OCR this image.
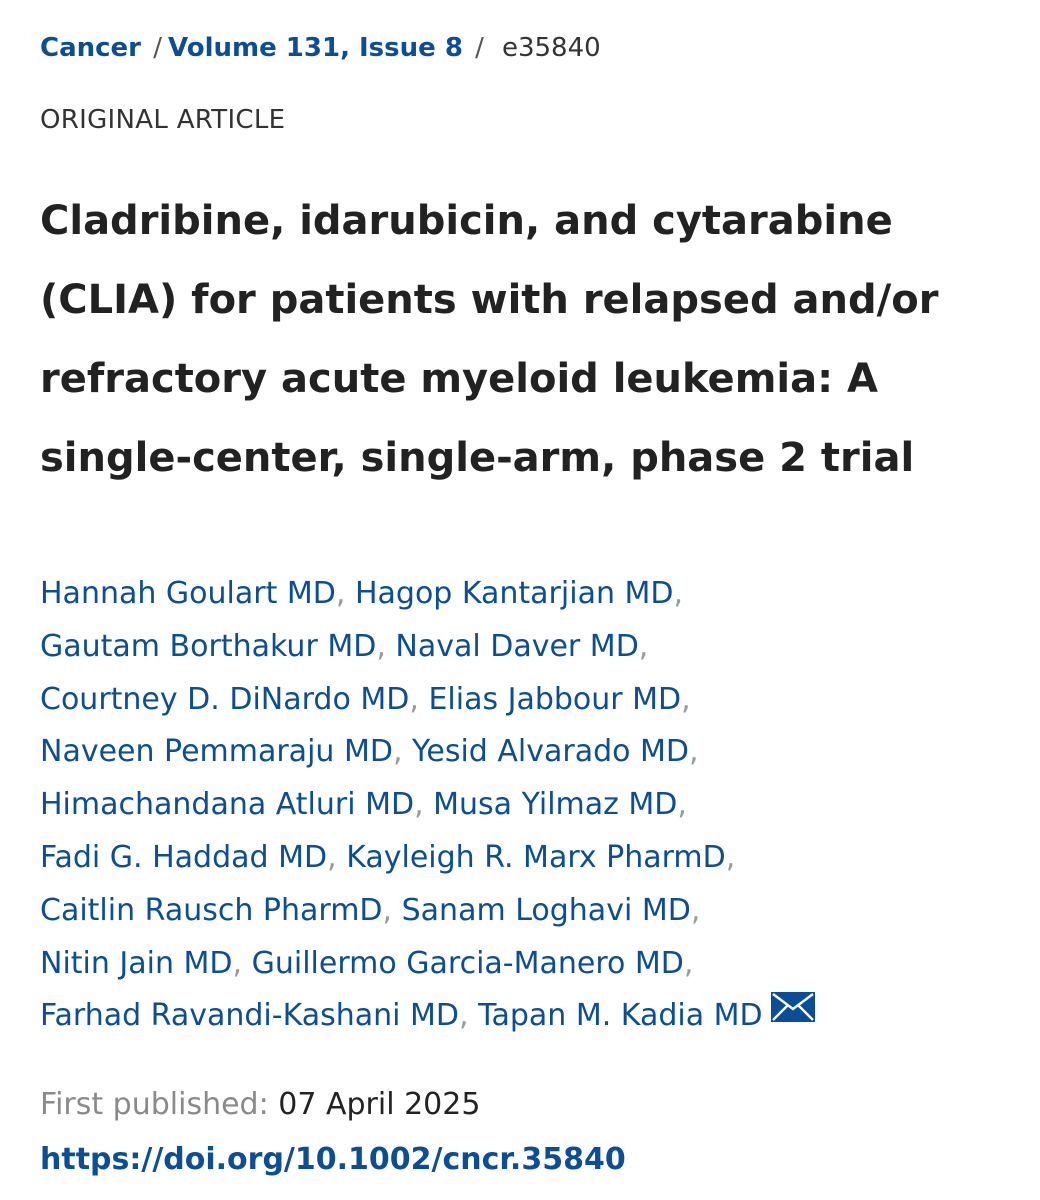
Cancer / Volume 131, Issue 8 / e35840
ORIGINAL ARTICLE
Cladribine, idarubicin, and cytarabine
(CLIA) for patients with relapsed and/or
refractory acute myeloid leukemia: A
single-center, single-arm, phase 2 trial
Hannah Goulart MD, Hagop Kantarjian MD,
Gautam Borthakur MD, Naval Daver MD,
Courtney D. DiNardo MD, Elias Jabbour MD,
Naveen Pemmaraju MD, Yesid Alvarado MD,
Himachandana Atluri MD, Musa Yilmaz MD,
Fadi G. Haddad MD, Kayleigh R. Marx PharmD,
Caitlin Rausch PharmD, Sanam Loghavi MD,
Nitin Jain MD, Guillermo Garcia-Manero MD,
Farhad Ravandi-Kashani MD, Tapan M. Kadia MD
First published: 07 April 2025
https://doi.org/10.1002/cncr.35840
